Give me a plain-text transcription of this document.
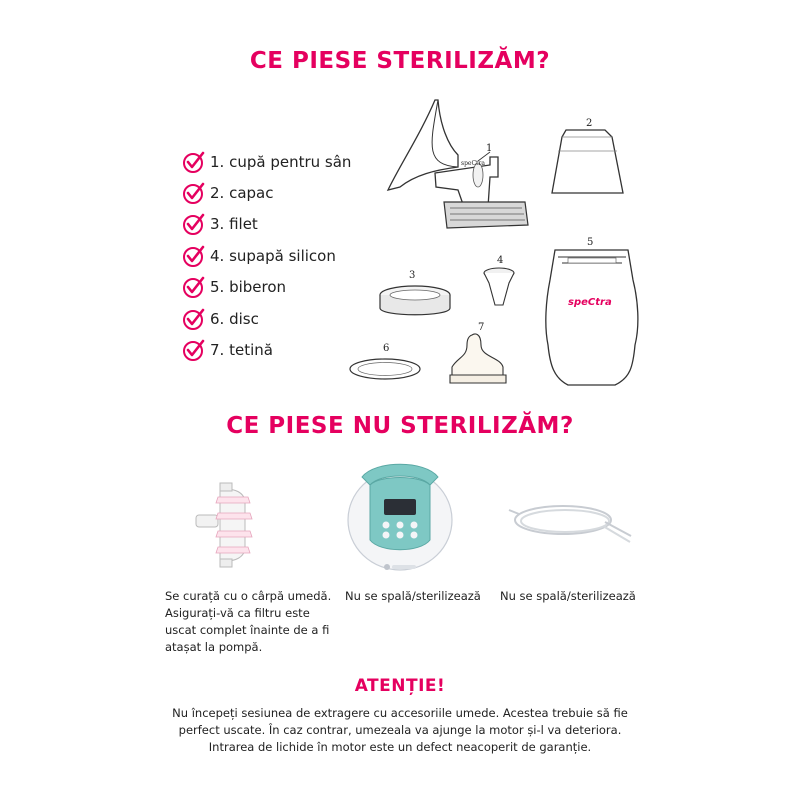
CE PIESE STERILIZĂM?
1. cupă pentru sân
2. capac
3. filet
4. supapă silicon
5. biberon
6. disc
7. tetină
speCtra
1
2
5
speCtra
3
4
6
7
CE PIESE NU STERILIZĂM?
Se curață cu o cârpă umedă.
Asigurați-vă ca filtru este
uscat complet înainte de a fi
atașat la pompă.
Nu se spală/sterilizează	Nu se spală/sterilizează
ATENȚIE!
Nu începeți sesiunea de extragere cu accesoriile umede. Acestea trebuie să fie
perfect uscate. În caz contrar, umezeala va ajunge la motor și-l va deteriora.
Intrarea de lichide în motor este un defect neacoperit de garanție.
